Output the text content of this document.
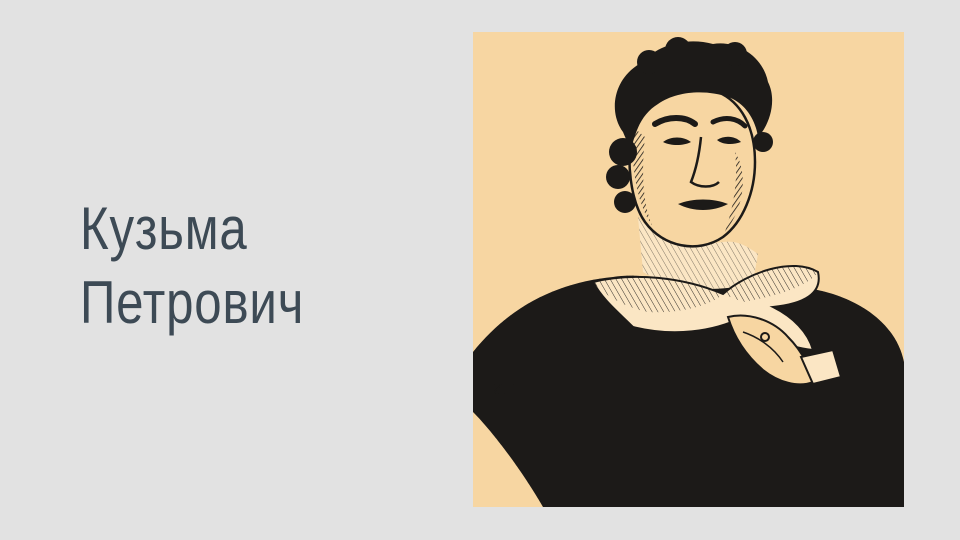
Кузьма
Петрович
ИП
